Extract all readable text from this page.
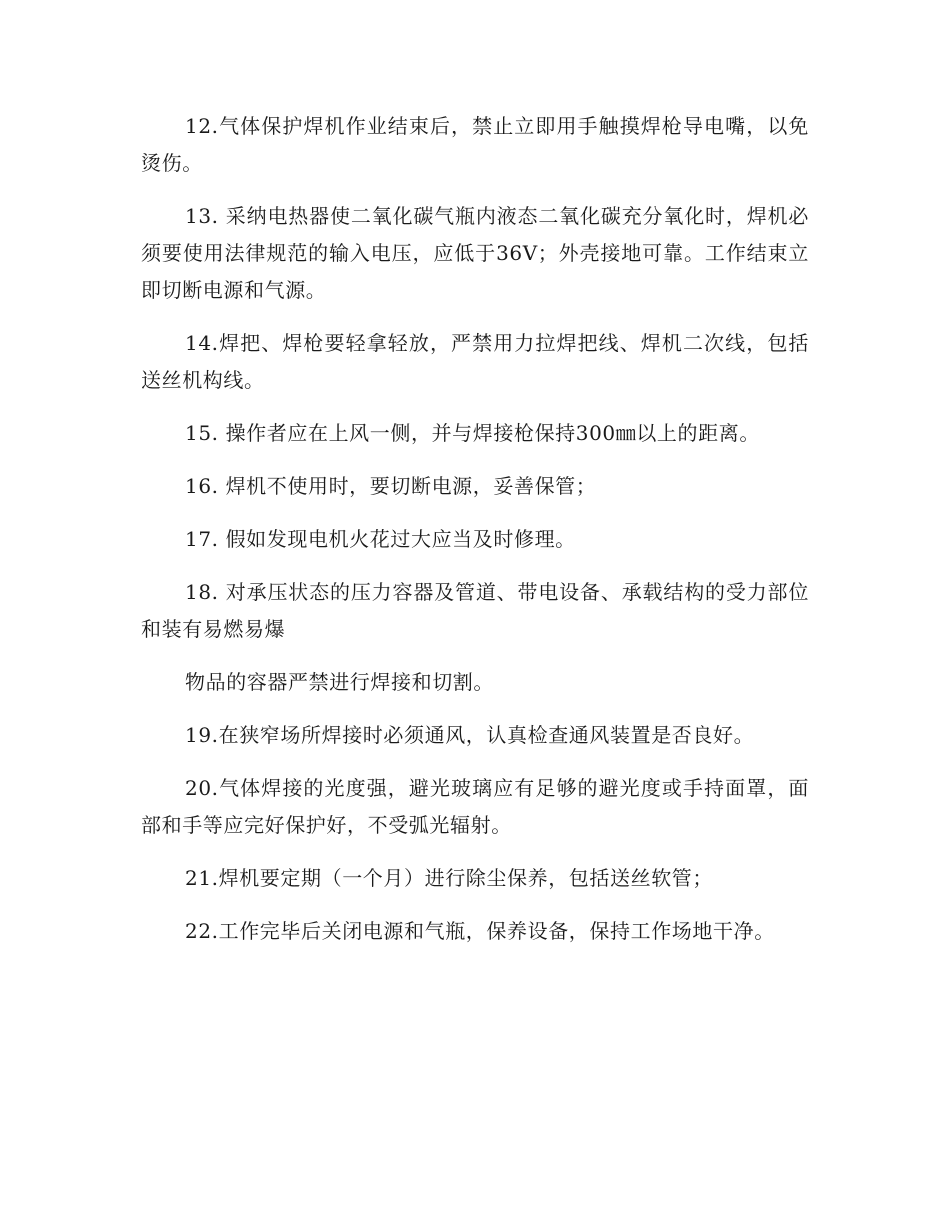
12.气体保护焊机作业结束后，禁止立即用手触摸焊枪导电嘴，以免烫伤。

13. 采纳电热器使二氧化碳气瓶内液态二氧化碳充分氧化时，焊机必须要使用法律规范的输入电压，应低于36V；外壳接地可靠。工作结束立即切断电源和气源。

14.焊把、焊枪要轻拿轻放，严禁用力拉焊把线、焊机二次线，包括送丝机构线。

15. 操作者应在上风一侧，并与焊接枪保持300㎜以上的距离。

16. 焊机不使用时，要切断电源，妥善保管；

17. 假如发现电机火花过大应当及时修理。

18. 对承压状态的压力容器及管道、带电设备、承载结构的受力部位和装有易燃易爆

物品的容器严禁进行焊接和切割。

19.在狭窄场所焊接时必须通风，认真检查通风装置是否良好。

20.气体焊接的光度强，避光玻璃应有足够的避光度或手持面罩，面部和手等应完好保护好，不受弧光辐射。

21.焊机要定期（一个月）进行除尘保养，包括送丝软管；

22.工作完毕后关闭电源和气瓶，保养设备，保持工作场地干净。
